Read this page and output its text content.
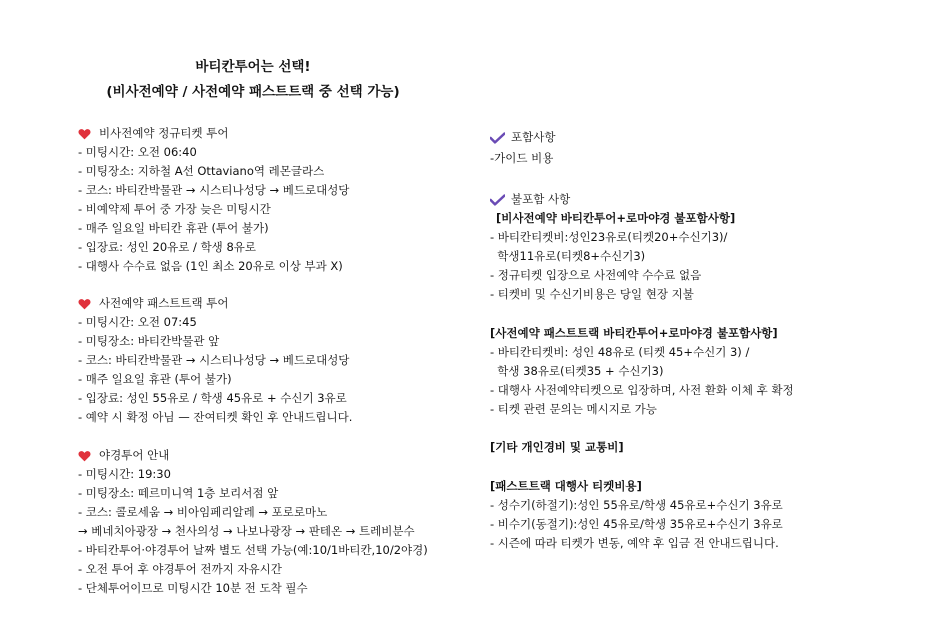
바티칸투어는 선택!
(비사전예약 / 사전예약 패스트트랙 중 선택 가능)
비사전예약 정규티켓 투어
- 미팅시간: 오전 06:40
- 미팅장소: 지하철 A선 Ottaviano역 레몬글라스
- 코스: 바티칸박물관 → 시스티나성당 → 베드로대성당
- 비예약제 투어 중 가장 늦은 미팅시간
- 매주 일요일 바티칸 휴관 (투어 불가)
- 입장료: 성인 20유로 / 학생 8유로
- 대행사 수수료 없음 (1인 최소 20유로 이상 부과 X)
사전예약 패스트트랙 투어
- 미팅시간: 오전 07:45
- 미팅장소: 바티칸박물관 앞
- 코스: 바티칸박물관 → 시스티나성당 → 베드로대성당
- 매주 일요일 휴관 (투어 불가)
- 입장료: 성인 55유로 / 학생 45유로 + 수신기 3유로
- 예약 시 확정 아님 — 잔여티켓 확인 후 안내드립니다.
야경투어 안내
- 미팅시간: 19:30
- 미팅장소: 떼르미니역 1층 보리서점 앞
- 코스: 콜로세움 → 비아임페리알레 → 포로로마노
→ 베네치아광장 → 천사의성 → 나보나광장 → 판테온 → 트레비분수
- 바티칸투어·야경투어 날짜 별도 선택 가능(예:10/1바티칸,10/2야경)
- 오전 투어 후 야경투어 전까지 자유시간
- 단체투어이므로 미팅시간 10분 전 도착 필수
포함사항
-가이드 비용
불포함 사항
[비사전예약 바티칸투어+로마야경 불포함사항]
- 바티칸티켓비:성인23유로(티켓20+수신기3)/
학생11유로(티켓8+수신기3)
- 정규티켓 입장으로 사전예약 수수료 없음
- 티켓비 및 수신기비용은 당일 현장 지불
[사전예약 패스트트랙 바티칸투어+로마야경 불포함사항]
- 바티칸티켓비: 성인 48유로 (티켓 45+수신기 3) /
학생 38유로(티켓35 + 수신기3)
- 대행사 사전예약티켓으로 입장하며, 사전 환화 이체 후 확정
- 티켓 관련 문의는 메시지로 가능
[기타 개인경비 및 교통비]
[패스트트랙 대행사 티켓비용]
- 성수기(하절기):성인 55유로/학생 45유로+수신기 3유로
- 비수기(동절기):성인 45유로/학생 35유로+수신기 3유로
- 시즌에 따라 티켓가 변동, 예약 후 입금 전 안내드립니다.
